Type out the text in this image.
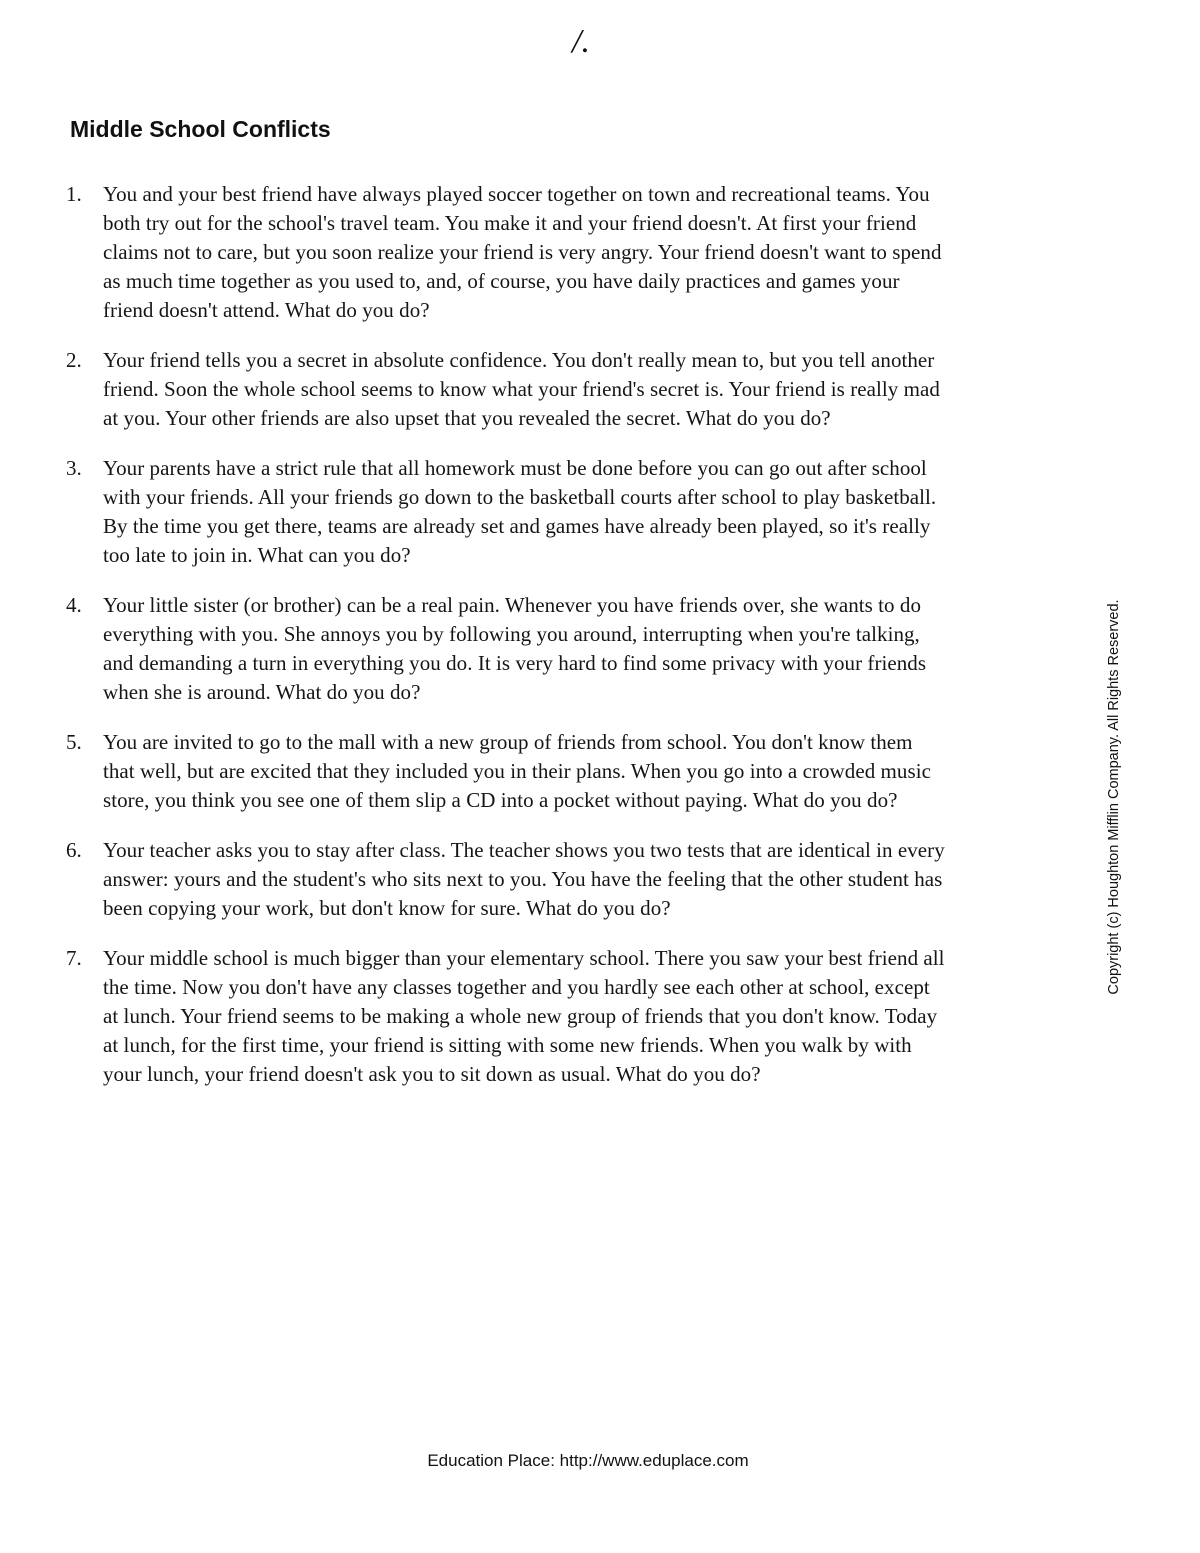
/.
Middle School Conflicts
1. You and your best friend have always played soccer together on town and recreational teams. You both try out for the school's travel team. You make it and your friend doesn't. At first your friend claims not to care, but you soon realize your friend is very angry. Your friend doesn't want to spend as much time together as you used to, and, of course, you have daily practices and games your friend doesn't attend. What do you do?
2. Your friend tells you a secret in absolute confidence. You don't really mean to, but you tell another friend. Soon the whole school seems to know what your friend's secret is. Your friend is really mad at you. Your other friends are also upset that you revealed the secret. What do you do?
3. Your parents have a strict rule that all homework must be done before you can go out after school with your friends. All your friends go down to the basketball courts after school to play basketball. By the time you get there, teams are already set and games have already been played, so it's really too late to join in. What can you do?
4. Your little sister (or brother) can be a real pain. Whenever you have friends over, she wants to do everything with you. She annoys you by following you around, interrupting when you're talking, and demanding a turn in everything you do. It is very hard to find some privacy with your friends when she is around. What do you do?
5. You are invited to go to the mall with a new group of friends from school. You don't know them that well, but are excited that they included you in their plans. When you go into a crowded music store, you think you see one of them slip a CD into a pocket without paying. What do you do?
6. Your teacher asks you to stay after class. The teacher shows you two tests that are identical in every answer: yours and the student's who sits next to you. You have the feeling that the other student has been copying your work, but don't know for sure. What do you do?
7. Your middle school is much bigger than your elementary school. There you saw your best friend all the time. Now you don't have any classes together and you hardly see each other at school, except at lunch. Your friend seems to be making a whole new group of friends that you don't know. Today at lunch, for the first time, your friend is sitting with some new friends. When you walk by with your lunch, your friend doesn't ask you to sit down as usual. What do you do?
Copyright (c) Houghton Mifflin Company. All Rights Reserved.
Education Place: http://www.eduplace.com
